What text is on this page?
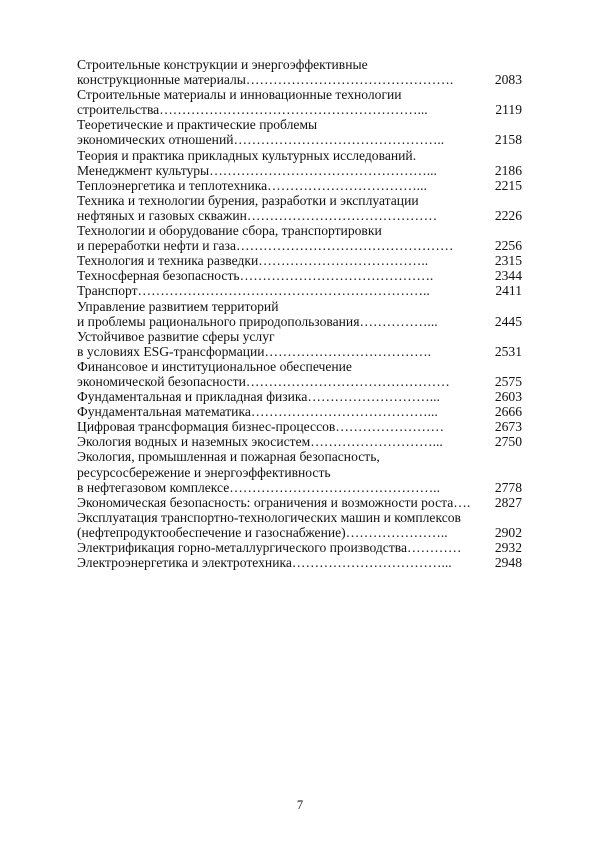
Строительные конструкции и энергоэффективные
конструкционные материалы……………………………………….	2083
Строительные материалы и инновационные технологии
строительства…………………………………………………...	2119
Теоретические и практические проблемы
экономических отношений………………………………………..	2158
Теория и практика прикладных культурных исследований.
Менеджмент культуры…………………………………………...	2186
Теплоэнергетика и теплотехника……………………………...	2215
Техника и технологии бурения, разработки и эксплуатации
нефтяных и газовых скважин……………………………………	2226
Технологии и оборудование сбора, транспортировки
и переработки нефти и газа…………………………………………	2256
Технология и техника разведки………………………………..	2315
Техносферная безопасность…………………………………….	2344
Транспорт………………………………………………………..	2411
Управление развитием территорий
и проблемы рационального природопользования……………...	2445
Устойчивое развитие сферы услуг
в условиях ESG-трансформации……………………………….	2531
Финансовое и институциональное обеспечение
экономической безопасности………………………………………	2575
Фундаментальная и прикладная физика………………………...	2603
Фундаментальная математика…………………………………...	2666
Цифровая трансформация бизнес-процессов……………………	2673
Экология водных и наземных экосистем………………………...	2750
Экология, промышленная и пожарная безопасность,
ресурсосбережение и энергоэффективность
в нефтегазовом комплексе………………………………………..	2778
Экономическая безопасность: ограничения и возможности роста….	2827
Эксплуатация транспортно-технологических машин и комплексов
(нефтепродуктообеспечение и газоснабжение)…………………..	2902
Электрификация горно-металлургического производства…………	2932
Электроэнергетика и электротехника……………………………...	2948
7
